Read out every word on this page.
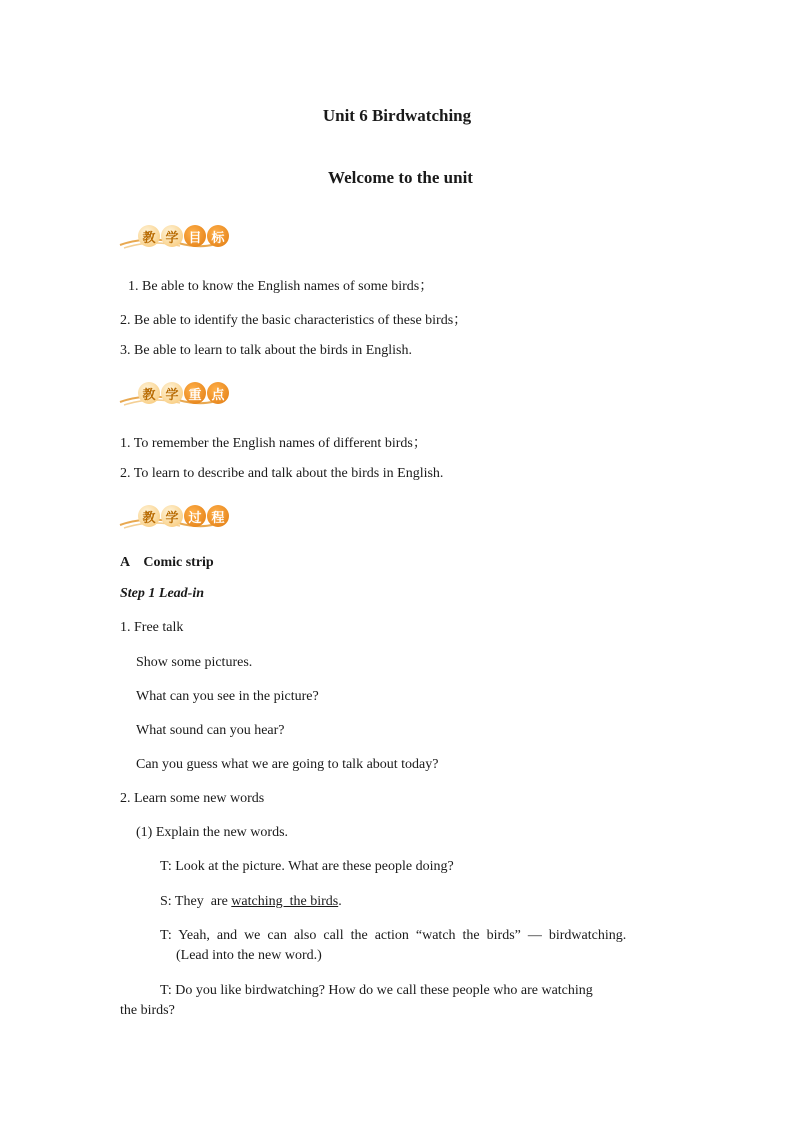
Unit 6 Birdwatching
Welcome to the unit
教 学 目 标
1. Be able to know the English names of some birds；
2. Be able to identify the basic characteristics of these birds；
3. Be able to learn to talk about the birds in English.
教 学 重 点
1. To remember the English names of different birds；
2. To learn to describe and talk about the birds in English.
教 学 过 程
A    Comic strip
Step 1 Lead-in
1. Free talk
Show some pictures.
What can you see in the picture?
What sound can you hear?
Can you guess what we are going to talk about today?
2. Learn some new words
(1) Explain the new words.
T: Look at the picture. What are these people doing?
S: They  are watching  the birds.
T:  Yeah,  and  we  can  also  call  the  action  “watch  the  birds”  —  birdwatching.
(Lead into the new word.)
T: Do you like birdwatching? How do we call these people who are watching
the birds?
